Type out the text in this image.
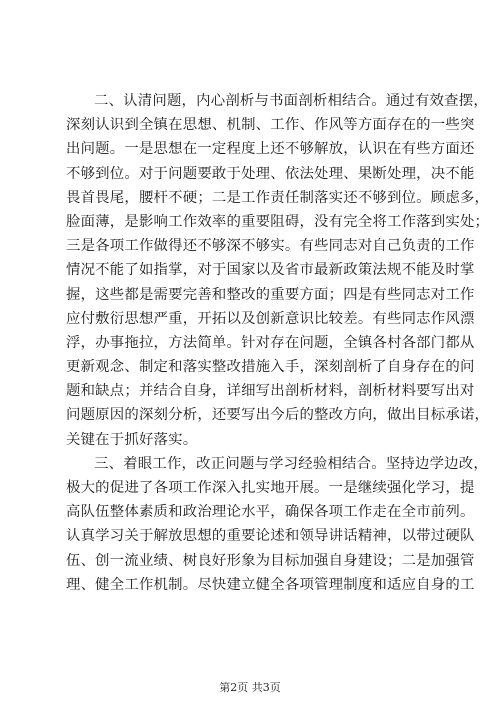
二、认清问题，内心剖析与书面剖析相结合。通过有效查摆，
深刻认识到全镇在思想、机制、工作、作风等方面存在的一些突
出问题。一是思想在一定程度上还不够解放，认识在有些方面还
不够到位。对于问题要敢于处理、依法处理、果断处理，决不能
畏首畏尾，腰杆不硬；二是工作责任制落实还不够到位。顾虑多，
脸面薄，是影响工作效率的重要阻碍，没有完全将工作落到实处；
三是各项工作做得还不够深不够实。有些同志对自己负责的工作
情况不能了如指掌，对于国家以及省市最新政策法规不能及时掌
握，这些都是需要完善和整改的重要方面；四是有些同志对工作
应付敷衍思想严重，开拓以及创新意识比较差。有些同志作风漂
浮，办事拖拉，方法简单。针对存在问题，全镇各村各部门都从
更新观念、制定和落实整改措施入手，深刻剖析了自身存在的问
题和缺点；并结合自身，详细写出剖析材料，剖析材料要写出对
问题原因的深刻分析，还要写出今后的整改方向，做出目标承诺，
关键在于抓好落实。
三、着眼工作，改正问题与学习经验相结合。坚持边学边改，
极大的促进了各项工作深入扎实地开展。一是继续强化学习，提
高队伍整体素质和政治理论水平，确保各项工作走在全市前列。
认真学习关于解放思想的重要论述和领导讲话精神，以带过硬队
伍、创一流业绩、树良好形象为目标加强自身建设；二是加强管
理、健全工作机制。尽快建立健全各项管理制度和适应自身的工
第2页 共3页
